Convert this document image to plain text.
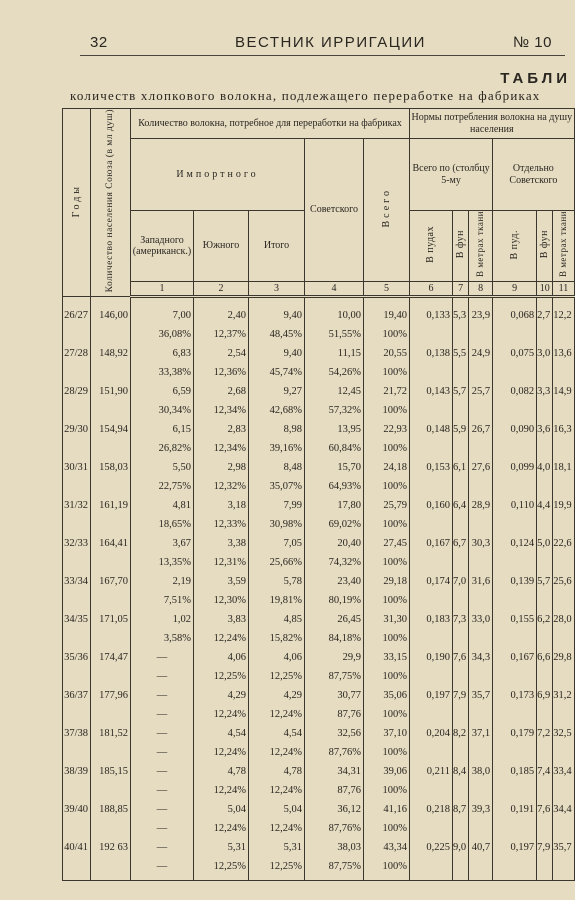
32	ВЕСТНИК ИРРИГАЦИИ	№ 10
ТАБЛИ
количеств хлопкового волокна, подлежащего переработке на фабриках
Годы	Количество населения Союза (в мл душ)	Количество волокна, потребное для переработки на фабриках					Нормы потребления волокна на душу населения					
		Импортного			Советского	Всего	Всего по (столбцу 5-му			Отдельно Советского		
		Западного (американск.)	Южного	Итого			В пудах	В фун	В метрах ткани	В пуд.	В фун	В метрах ткани
		1	2	3	4	5	6	7	8	9	10	11

26/27	146,00	7,00	2,40	9,40	10,00	19,40	0,133	5,3	23,9	0,068	2,7	12,2
		36,08%	12,37%	48,45%	51,55%	100%						
27/28	148,92	6,83	2,54	9,40	11,15	20,55	0,138	5,5	24,9	0,075	3,0	13,6
		33,38%	12,36%	45,74%	54,26%	100%						
28/29	151,90	6,59	2,68	9,27	12,45	21,72	0,143	5,7	25,7	0,082	3,3	14,9
		30,34%	12,34%	42,68%	57,32%	100%						
29/30	154,94	6,15	2,83	8,98	13,95	22,93	0,148	5,9	26,7	0,090	3,6	16,3
		26,82%	12,34%	39,16%	60,84%	100%						
30/31	158,03	5,50	2,98	8,48	15,70	24,18	0,153	6,1	27,6	0,099	4,0	18,1
		22,75%	12,32%	35,07%	64,93%	100%						
31/32	161,19	4,81	3,18	7,99	17,80	25,79	0,160	6,4	28,9	0,110	4,4	19,9
		18,65%	12,33%	30,98%	69,02%	100%						
32/33	164,41	3,67	3,38	7,05	20,40	27,45	0,167	6,7	30,3	0,124	5,0	22,6
		13,35%	12,31%	25,66%	74,32%	100%						
33/34	167,70	2,19	3,59	5,78	23,40	29,18	0,174	7,0	31,6	0,139	5,7	25,6
		7,51%	12,30%	19,81%	80,19%	100%						
34/35	171,05	1,02	3,83	4,85	26,45	31,30	0,183	7,3	33,0	0,155	6,2	28,0
		3,58%	12,24%	15,82%	84,18%	100%						
35/36	174,47	—	4,06	4,06	29,9	33,15	0,190	7,6	34,3	0,167	6,6	29,8
		—	12,25%	12,25%	87,75%	100%						
36/37	177,96	—	4,29	4,29	30,77	35,06	0,197	7,9	35,7	0,173	6,9	31,2
		—	12,24%	12,24%	87,76	100%						
37/38	181,52	—	4,54	4,54	32,56	37,10	0,204	8,2	37,1	0,179	7,2	32,5
		—	12,24%	12,24%	87,76%	100%						
38/39	185,15	—	4,78	4,78	34,31	39,06	0,211	8,4	38,0	0,185	7,4	33,4
		—	12,24%	12,24%	87,76	100%						
39/40	188,85	—	5,04	5,04	36,12	41,16	0,218	8,7	39,3	0,191	7,6	34,4
		—	12,24%	12,24%	87,76%	100%						
40/41	192 63	—	5,31	5,31	38,03	43,34	0,225	9,0	40,7	0,197	7,9	35,7
		—	12,25%	12,25%	87,75%	100%						
